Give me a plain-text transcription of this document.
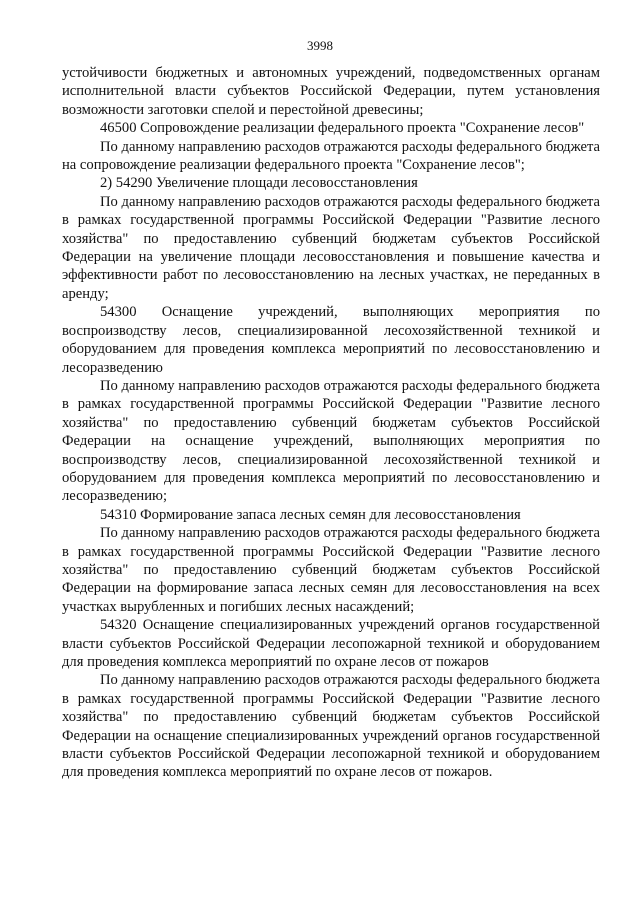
3998

устойчивости бюджетных и автономных учреждений, подведомственных органам исполнительной власти субъектов Российской Федерации, путем установления возможности заготовки спелой и перестойной древесины;

46500 Сопровождение реализации федерального проекта "Сохранение лесов"

По данному направлению расходов отражаются расходы федерального бюджета на сопровождение реализации федерального проекта "Сохранение лесов";

2) 54290 Увеличение площади лесовосстановления

По данному направлению расходов отражаются расходы федерального бюджета в рамках государственной программы Российской Федерации "Развитие лесного хозяйства" по предоставлению субвенций бюджетам субъектов Российской Федерации на увеличение площади лесовосстановления и повышение качества и эффективности работ по лесовосстановлению на лесных участках, не переданных в аренду;

54300 Оснащение учреждений, выполняющих мероприятия по воспроизводству лесов, специализированной лесохозяйственной техникой и оборудованием для проведения комплекса мероприятий по лесовосстановлению и лесоразведению

По данному направлению расходов отражаются расходы федерального бюджета в рамках государственной программы Российской Федерации "Развитие лесного хозяйства" по предоставлению субвенций бюджетам субъектов Российской Федерации на оснащение учреждений, выполняющих мероприятия по воспроизводству лесов, специализированной лесохозяйственной техникой и оборудованием для проведения комплекса мероприятий по лесовосстановлению и лесоразведению;

54310 Формирование запаса лесных семян для лесовосстановления

По данному направлению расходов отражаются расходы федерального бюджета в рамках государственной программы Российской Федерации "Развитие лесного хозяйства" по предоставлению субвенций бюджетам субъектов Российской Федерации на формирование запаса лесных семян для лесовосстановления на всех участках вырубленных и погибших лесных насаждений;

54320 Оснащение специализированных учреждений органов государственной власти субъектов Российской Федерации лесопожарной техникой и оборудованием для проведения комплекса мероприятий по охране лесов от пожаров

По данному направлению расходов отражаются расходы федерального бюджета в рамках государственной программы Российской Федерации "Развитие лесного хозяйства" по предоставлению субвенций бюджетам субъектов Российской Федерации на оснащение специализированных учреждений органов государственной власти субъектов Российской Федерации лесопожарной техникой и оборудованием для проведения комплекса мероприятий по охране лесов от пожаров.
